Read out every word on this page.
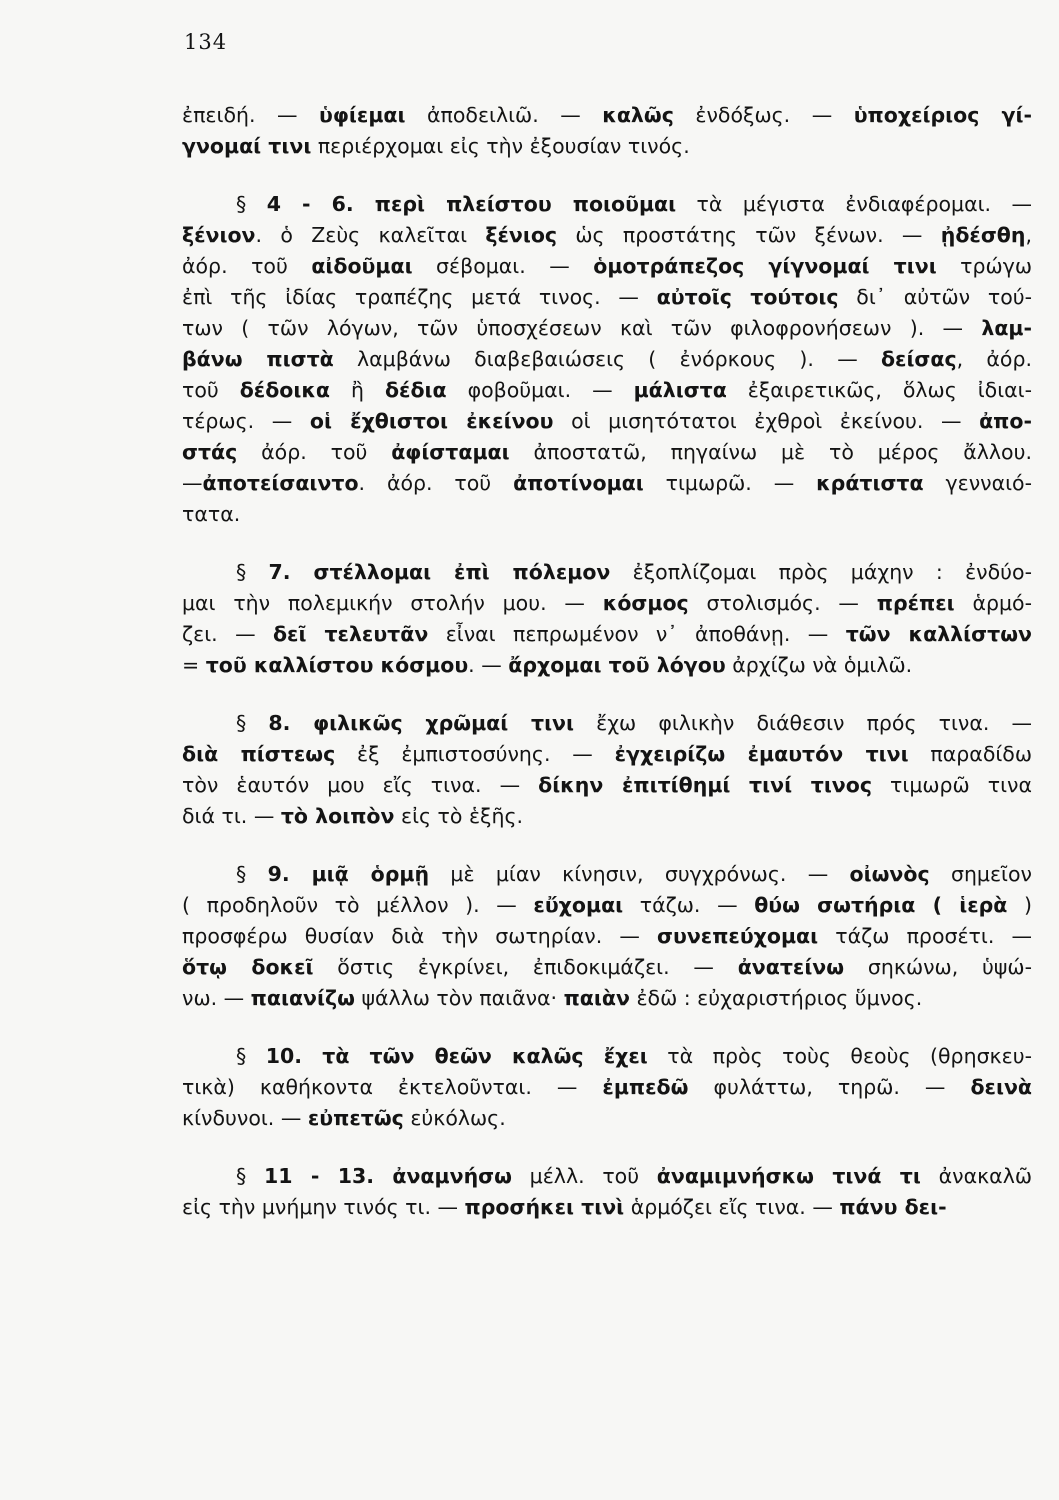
134

ἐπειδή. — ὑφίεμαι ἀποδειλιῶ. — καλῶς ἐνδόξως. — ὑποχείριος γί-
γνομαί τινι περιέρχομαι εἰς τὴν ἐξουσίαν τινός.

§ 4 - 6. περὶ πλείστου ποιοῦμαι τὰ μέγιστα ἐνδιαφέρομαι. —
ξένιον. ὁ Ζεὺς καλεῖται ξένιος ὡς προστάτης τῶν ξένων. — ᾐδέσθη,
ἀόρ. τοῦ αἰδοῦμαι σέβομαι. — ὁμοτράπεζος γίγνομαί τινι τρώγω
ἐπὶ τῆς ἰδίας τραπέζης μετά τινος. — αὐτοῖς τούτοις δι᾽ αὐτῶν τού-
των ( τῶν λόγων, τῶν ὑποσχέσεων καὶ τῶν φιλοφρονήσεων ). — λαμ-
βάνω πιστὰ λαμβάνω διαβεβαιώσεις ( ἐνόρκους ). — δείσας, ἀόρ.
τοῦ δέδοικα ἢ δέδια φοβοῦμαι. — μάλιστα ἐξαιρετικῶς, ὅλως ἰδιαι-
τέρως. — οἱ ἔχθιστοι ἐκείνου οἱ μισητότατοι ἐχθροὶ ἐκείνου. — ἀπο-
στάς ἀόρ. τοῦ ἀφίσταμαι ἀποστατῶ, πηγαίνω μὲ τὸ μέρος ἄλλου.
—ἀποτείσαιντο. ἀόρ. τοῦ ἀποτίνομαι τιμωρῶ. — κράτιστα γενναιό-
τατα.

§ 7. στέλλομαι ἐπὶ πόλεμον ἐξοπλίζομαι πρὸς μάχην : ἐνδύο-
μαι τὴν πολεμικήν στολήν μου. — κόσμος στολισμός. — πρέπει ἁρμό-
ζει. — δεῖ τελευτᾶν εἶναι πεπρωμένον ν᾽ ἀποθάνῃ. — τῶν καλλίστων
= τοῦ καλλίστου κόσμου. — ἄρχομαι τοῦ λόγου ἀρχίζω νὰ ὁμιλῶ.

§ 8. φιλικῶς χρῶμαί τινι ἔχω φιλικὴν διάθεσιν πρός τινα. —
διὰ πίστεως ἐξ ἐμπιστοσύνης. — ἐγχειρίζω ἐμαυτόν τινι παραδίδω
τὸν ἑαυτόν μου εἴς τινα. — δίκην ἐπιτίθημί τινί τινος τιμωρῶ τινα
διά τι. — τὸ λοιπὸν εἰς τὸ ἑξῆς.

§ 9. μιᾷ ὁρμῇ μὲ μίαν κίνησιν, συγχρόνως. — οἰωνὸς σημεῖον
( προδηλοῦν τὸ μέλλον ). — εὔχομαι τάζω. — θύω σωτήρια ( ἱερὰ )
προσφέρω θυσίαν διὰ τὴν σωτηρίαν. — συνεπεύχομαι τάζω προσέτι. —
ὅτῳ δοκεῖ ὅστις ἐγκρίνει, ἐπιδοκιμάζει. — ἀνατείνω σηκώνω, ὑψώ-
νω. — παιανίζω ψάλλω τὸν παιᾶνα· παιὰν ἐδῶ : εὐχαριστήριος ὕμνος.

§ 10. τὰ τῶν θεῶν καλῶς ἔχει τὰ πρὸς τοὺς θεοὺς (θρησκευ-
τικὰ) καθήκοντα ἐκτελοῦνται. — ἐμπεδῶ φυλάττω, τηρῶ. — δεινὰ
κίνδυνοι. — εὐπετῶς εὐκόλως.

§ 11 - 13. ἀναμνήσω μέλλ. τοῦ ἀναμιμνήσκω τινά τι ἀνακαλῶ
εἰς τὴν μνήμην τινός τι. — προσήκει τινὶ ἁρμόζει εἴς τινα. — πάνυ δει-
